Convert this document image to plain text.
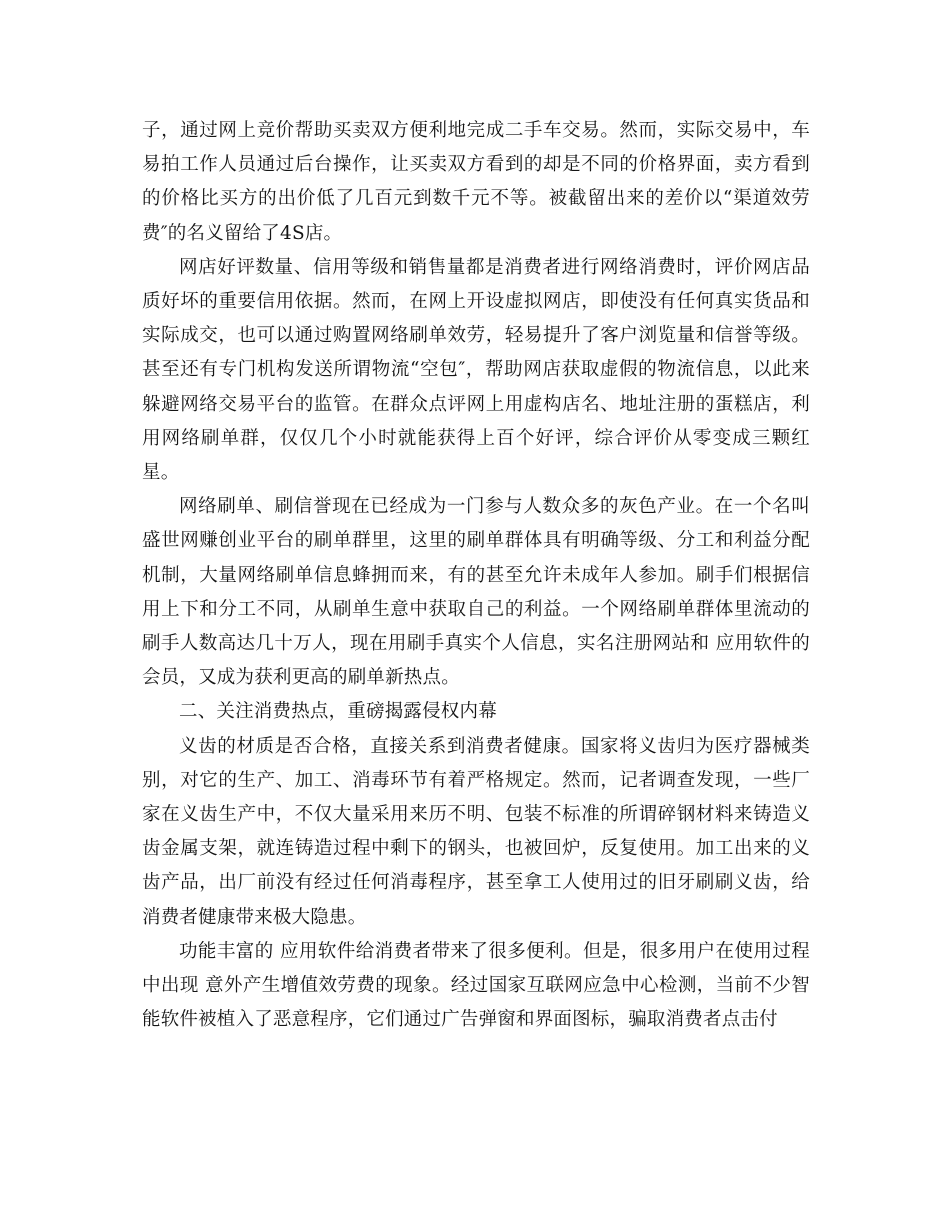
子，通过网上竞价帮助买卖双方便利地完成二手车交易。然而，实际交易中，车易拍工作人员通过后台操作，让买卖双方看到的却是不同的价格界面，卖方看到的价格比买方的出价低了几百元到数千元不等。被截留出来的差价以“渠道效劳费″的名义留给了4S店。

网店好评数量、信用等级和销售量都是消费者进行网络消费时，评价网店品质好坏的重要信用依据。然而，在网上开设虚拟网店，即使没有任何真实货品和实际成交，也可以通过购置网络刷单效劳，轻易提升了客户浏览量和信誉等级。甚至还有专门机构发送所谓物流“空包″，帮助网店获取虚假的物流信息，以此来躲避网络交易平台的监管。在群众点评网上用虚构店名、地址注册的蛋糕店，利用网络刷单群，仅仅几个小时就能获得上百个好评，综合评价从零变成三颗红星。

网络刷单、刷信誉现在已经成为一门参与人数众多的灰色产业。在一个名叫盛世网赚创业平台的刷单群里，这里的刷单群体具有明确等级、分工和利益分配机制，大量网络刷单信息蜂拥而来，有的甚至允许未成年人参加。刷手们根据信用上下和分工不同，从刷单生意中获取自己的利益。一个网络刷单群体里流动的刷手人数高达几十万人，现在用刷手真实个人信息，实名注册网站和 应用软件的会员，又成为获利更高的刷单新热点。

二、关注消费热点，重磅揭露侵权内幕

义齿的材质是否合格，直接关系到消费者健康。国家将义齿归为医疗器械类别，对它的生产、加工、消毒环节有着严格规定。然而，记者调查发现，一些厂家在义齿生产中，不仅大量采用来历不明、包装不标准的所谓碎钢材料来铸造义齿金属支架，就连铸造过程中剩下的钢头，也被回炉，反复使用。加工出来的义齿产品，出厂前没有经过任何消毒程序，甚至拿工人使用过的旧牙刷刷义齿，给消费者健康带来极大隐患。

功能丰富的 应用软件给消费者带来了很多便利。但是，很多用户在使用过程中出现 意外产生增值效劳费的现象。经过国家互联网应急中心检测，当前不少智能软件被植入了恶意程序，它们通过广告弹窗和界面图标，骗取消费者点击付
